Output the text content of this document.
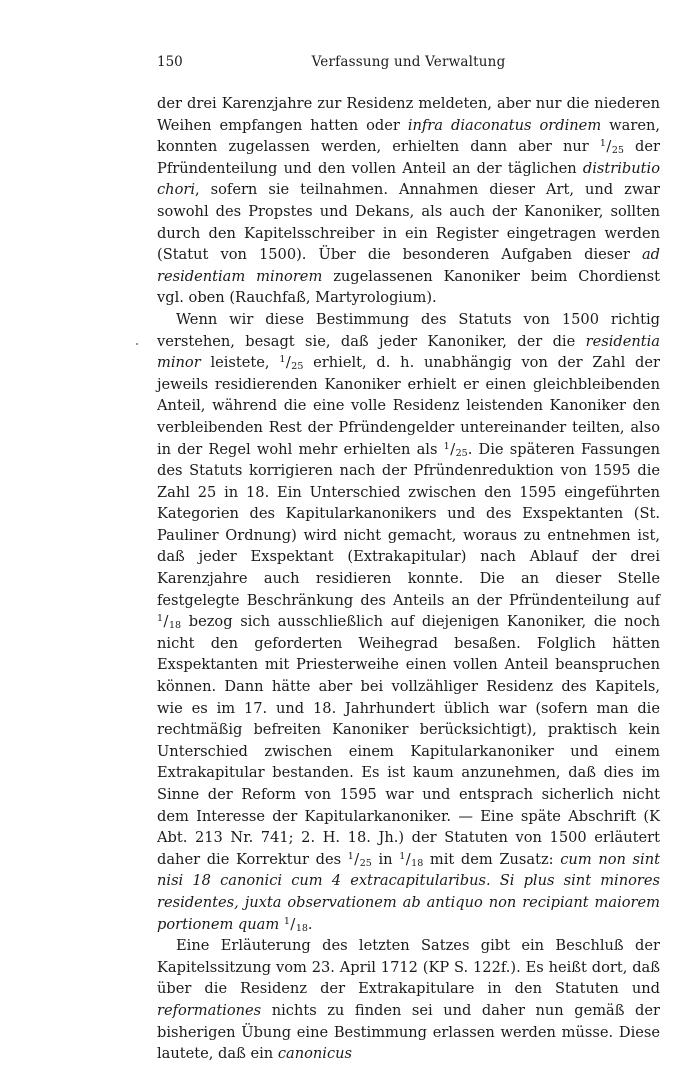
150	Verfassung und Verwaltung

der drei Karenzjahre zur Residenz meldeten, aber nur die niederen Weihen empfangen hatten oder infra diaconatus ordinem waren, konnten zugelassen werden, erhielten dann aber nur $^1/_{25}$ der Pfründenteilung und den vollen Anteil an der täglichen distributio chori, sofern sie teilnahmen. Annahmen dieser Art, und zwar sowohl des Propstes und Dekans, als auch der Kanoniker, sollten durch den Kapitelsschreiber in ein Register eingetragen werden (Statut von 1500). Über die besonderen Aufgaben dieser ad residentiam minorem zugelassenen Kanoniker beim Chordienst vgl. oben (Rauchfaß, Martyrologium).

Wenn wir diese Bestimmung des Statuts von 1500 richtig verstehen, besagt sie, daß jeder Kanoniker, der die residentia minor leistete, $^1/_{25}$ erhielt, d. h. unabhängig von der Zahl der jeweils residierenden Kanoniker erhielt er einen gleichbleibenden Anteil, während die eine volle Residenz leistenden Kanoniker den verbleibenden Rest der Pfründengelder untereinander teilten, also in der Regel wohl mehr erhielten als $^1/_{25}$. Die späteren Fassungen des Statuts korrigieren nach der Pfründenreduktion von 1595 die Zahl 25 in 18. Ein Unterschied zwischen den 1595 eingeführten Kategorien des Kapitularkanonikers und des Exspektanten (St. Pauliner Ordnung) wird nicht gemacht, woraus zu entnehmen ist, daß jeder Exspektant (Extrakapitular) nach Ablauf der drei Karenzjahre auch residieren konnte. Die an dieser Stelle festgelegte Beschränkung des Anteils an der Pfründenteilung auf $^1/_{18}$ bezog sich ausschließlich auf diejenigen Kanoniker, die noch nicht den geforderten Weihegrad besaßen. Folglich hätten Exspektanten mit Priesterweihe einen vollen Anteil beanspruchen können. Dann hätte aber bei vollzähliger Residenz des Kapitels, wie es im 17. und 18. Jahrhundert üblich war (sofern man die rechtmäßig befreiten Kanoniker berücksichtigt), praktisch kein Unterschied zwischen einem Kapitularkanoniker und einem Extrakapitular bestanden. Es ist kaum anzunehmen, daß dies im Sinne der Reform von 1595 war und entsprach sicherlich nicht dem Interesse der Kapitularkanoniker. — Eine späte Abschrift (K Abt. 213 Nr. 741; 2. H. 18. Jh.) der Statuten von 1500 erläutert daher die Korrektur des $^1/_{25}$ in $^1/_{18}$ mit dem Zusatz: cum non sint nisi 18 canonici cum 4 extracapitularibus. Si plus sint minores residentes, juxta observationem ab antiquo non recipiant maiorem portionem quam $^1/_{18}$.

Eine Erläuterung des letzten Satzes gibt ein Beschluß der Kapitelssitzung vom 23. April 1712 (KP S. 122f.). Es heißt dort, daß über die Residenz der Extrakapitulare in den Statuten und reformationes nichts zu finden sei und daher nun gemäß der bisherigen Übung eine Bestimmung erlassen werden müsse. Diese lautete, daß ein canonicus
